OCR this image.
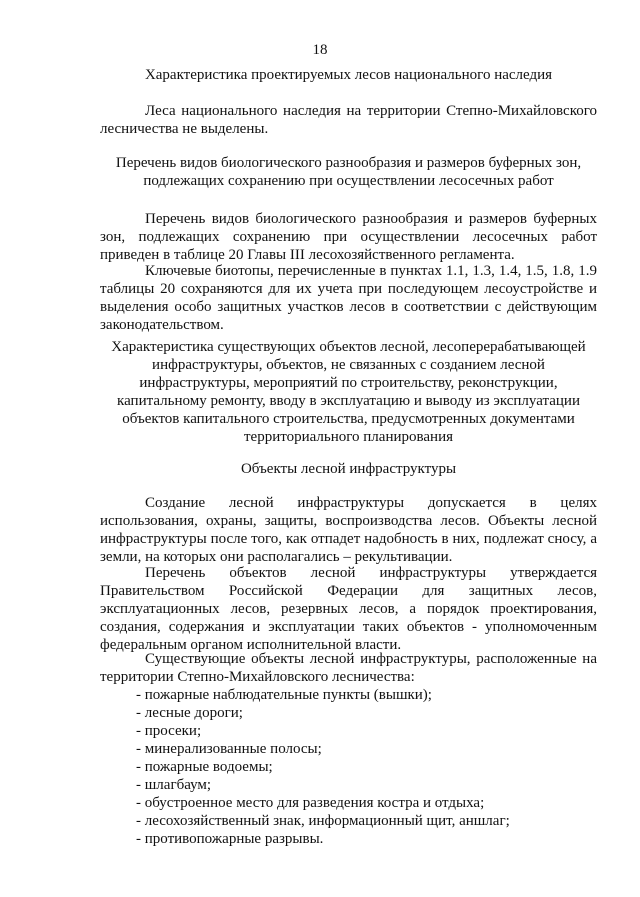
18
Характеристика проектируемых лесов национального наследия
Леса национального наследия на территории Степно-Михайловского лесничества не выделены.
Перечень видов биологического разнообразия и размеров буферных зон,
подлежащих сохранению при осуществлении лесосечных работ
Перечень видов биологического разнообразия и размеров буферных зон, подлежащих сохранению при осуществлении лесосечных работ приведен в таблице 20 Главы III лесохозяйственного регламента.
Ключевые биотопы, перечисленные в пунктах 1.1, 1.3, 1.4, 1.5, 1.8, 1.9 таблицы 20 сохраняются для их учета при последующем лесоустройстве и выделения особо защитных участков лесов в соответствии с действующим законодательством.
Характеристика существующих объектов лесной, лесоперерабатывающей
инфраструктуры, объектов, не связанных с созданием лесной
инфраструктуры, мероприятий по строительству, реконструкции,
капитальному ремонту, вводу в эксплуатацию и выводу из эксплуатации
объектов капитального строительства, предусмотренных документами
территориального планирования
Объекты лесной инфраструктуры
Создание лесной инфраструктуры допускается в целях использования, охраны, защиты, воспроизводства лесов. Объекты лесной инфраструктуры после того, как отпадет надобность в них, подлежат сносу, а земли, на которых они располагались – рекультивации.
Перечень объектов лесной инфраструктуры утверждается Правительством Российской Федерации для защитных лесов, эксплуатационных лесов, резервных лесов, а порядок проектирования, создания, содержания и эксплуатации таких объектов - уполномоченным федеральным органом исполнительной власти.
Существующие объекты лесной инфраструктуры, расположенные на территории Степно-Михайловского лесничества:
- пожарные наблюдательные пункты (вышки);
- лесные дороги;
- просеки;
- минерализованные полосы;
- пожарные водоемы;
- шлагбаум;
- обустроенное место для разведения костра и отдыха;
- лесохозяйственный знак, информационный щит, аншлаг;
- противопожарные разрывы.
